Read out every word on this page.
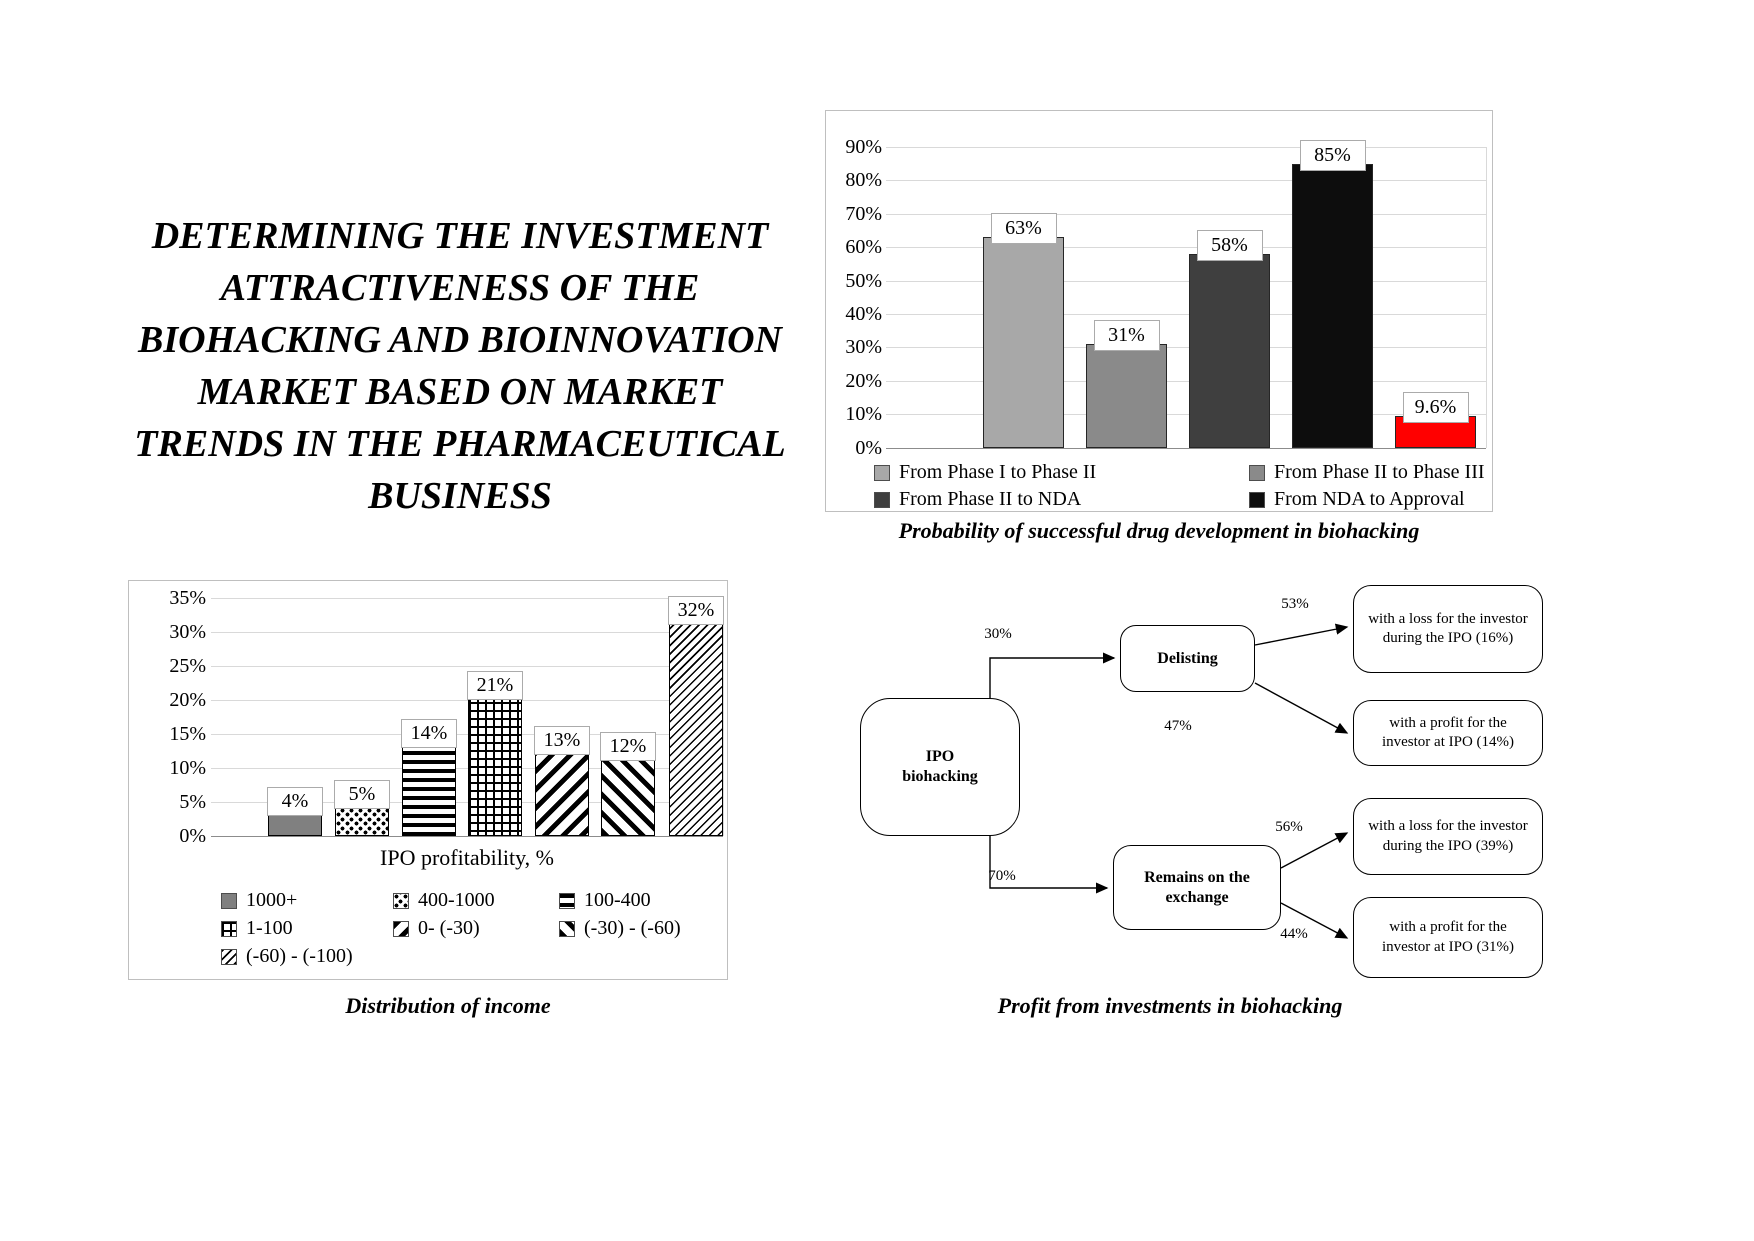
DETERMINING THE INVESTMENT
ATTRACTIVENESS OF THE
BIOHACKING AND BIOINNOVATION
MARKET BASED ON MARKET
TRENDS IN THE PHARMACEUTICAL
BUSINESS
90%
80%
70%
60%
50%
40%
30%
20%
10%
0%
63%
31%
58%
85%
9.6%
From Phase I to Phase II	From Phase II to Phase III
From Phase II to NDA	From NDA to Approval
Probability of successful drug development in biohacking
35%
30%
25%
20%
15%
10%
5%
0%
4%	5%
14%
21%
13%	12%
32%
1000+	400-1000	100-400
1-100	0- (-30)	(-30) - (-60)
(-60) - (-100)
IPO profitability, %
Distribution of income
IPO biohacking
Delisting
Remains on the exchange
with a loss for the investor during the IPO (16%)
with a profit for the investor at IPO (14%)
with a loss for the investor during the IPO (39%)
with a profit for the investor at IPO (31%)
30%
53%
47%
70%
56%
44%
Profit from investments in biohacking
